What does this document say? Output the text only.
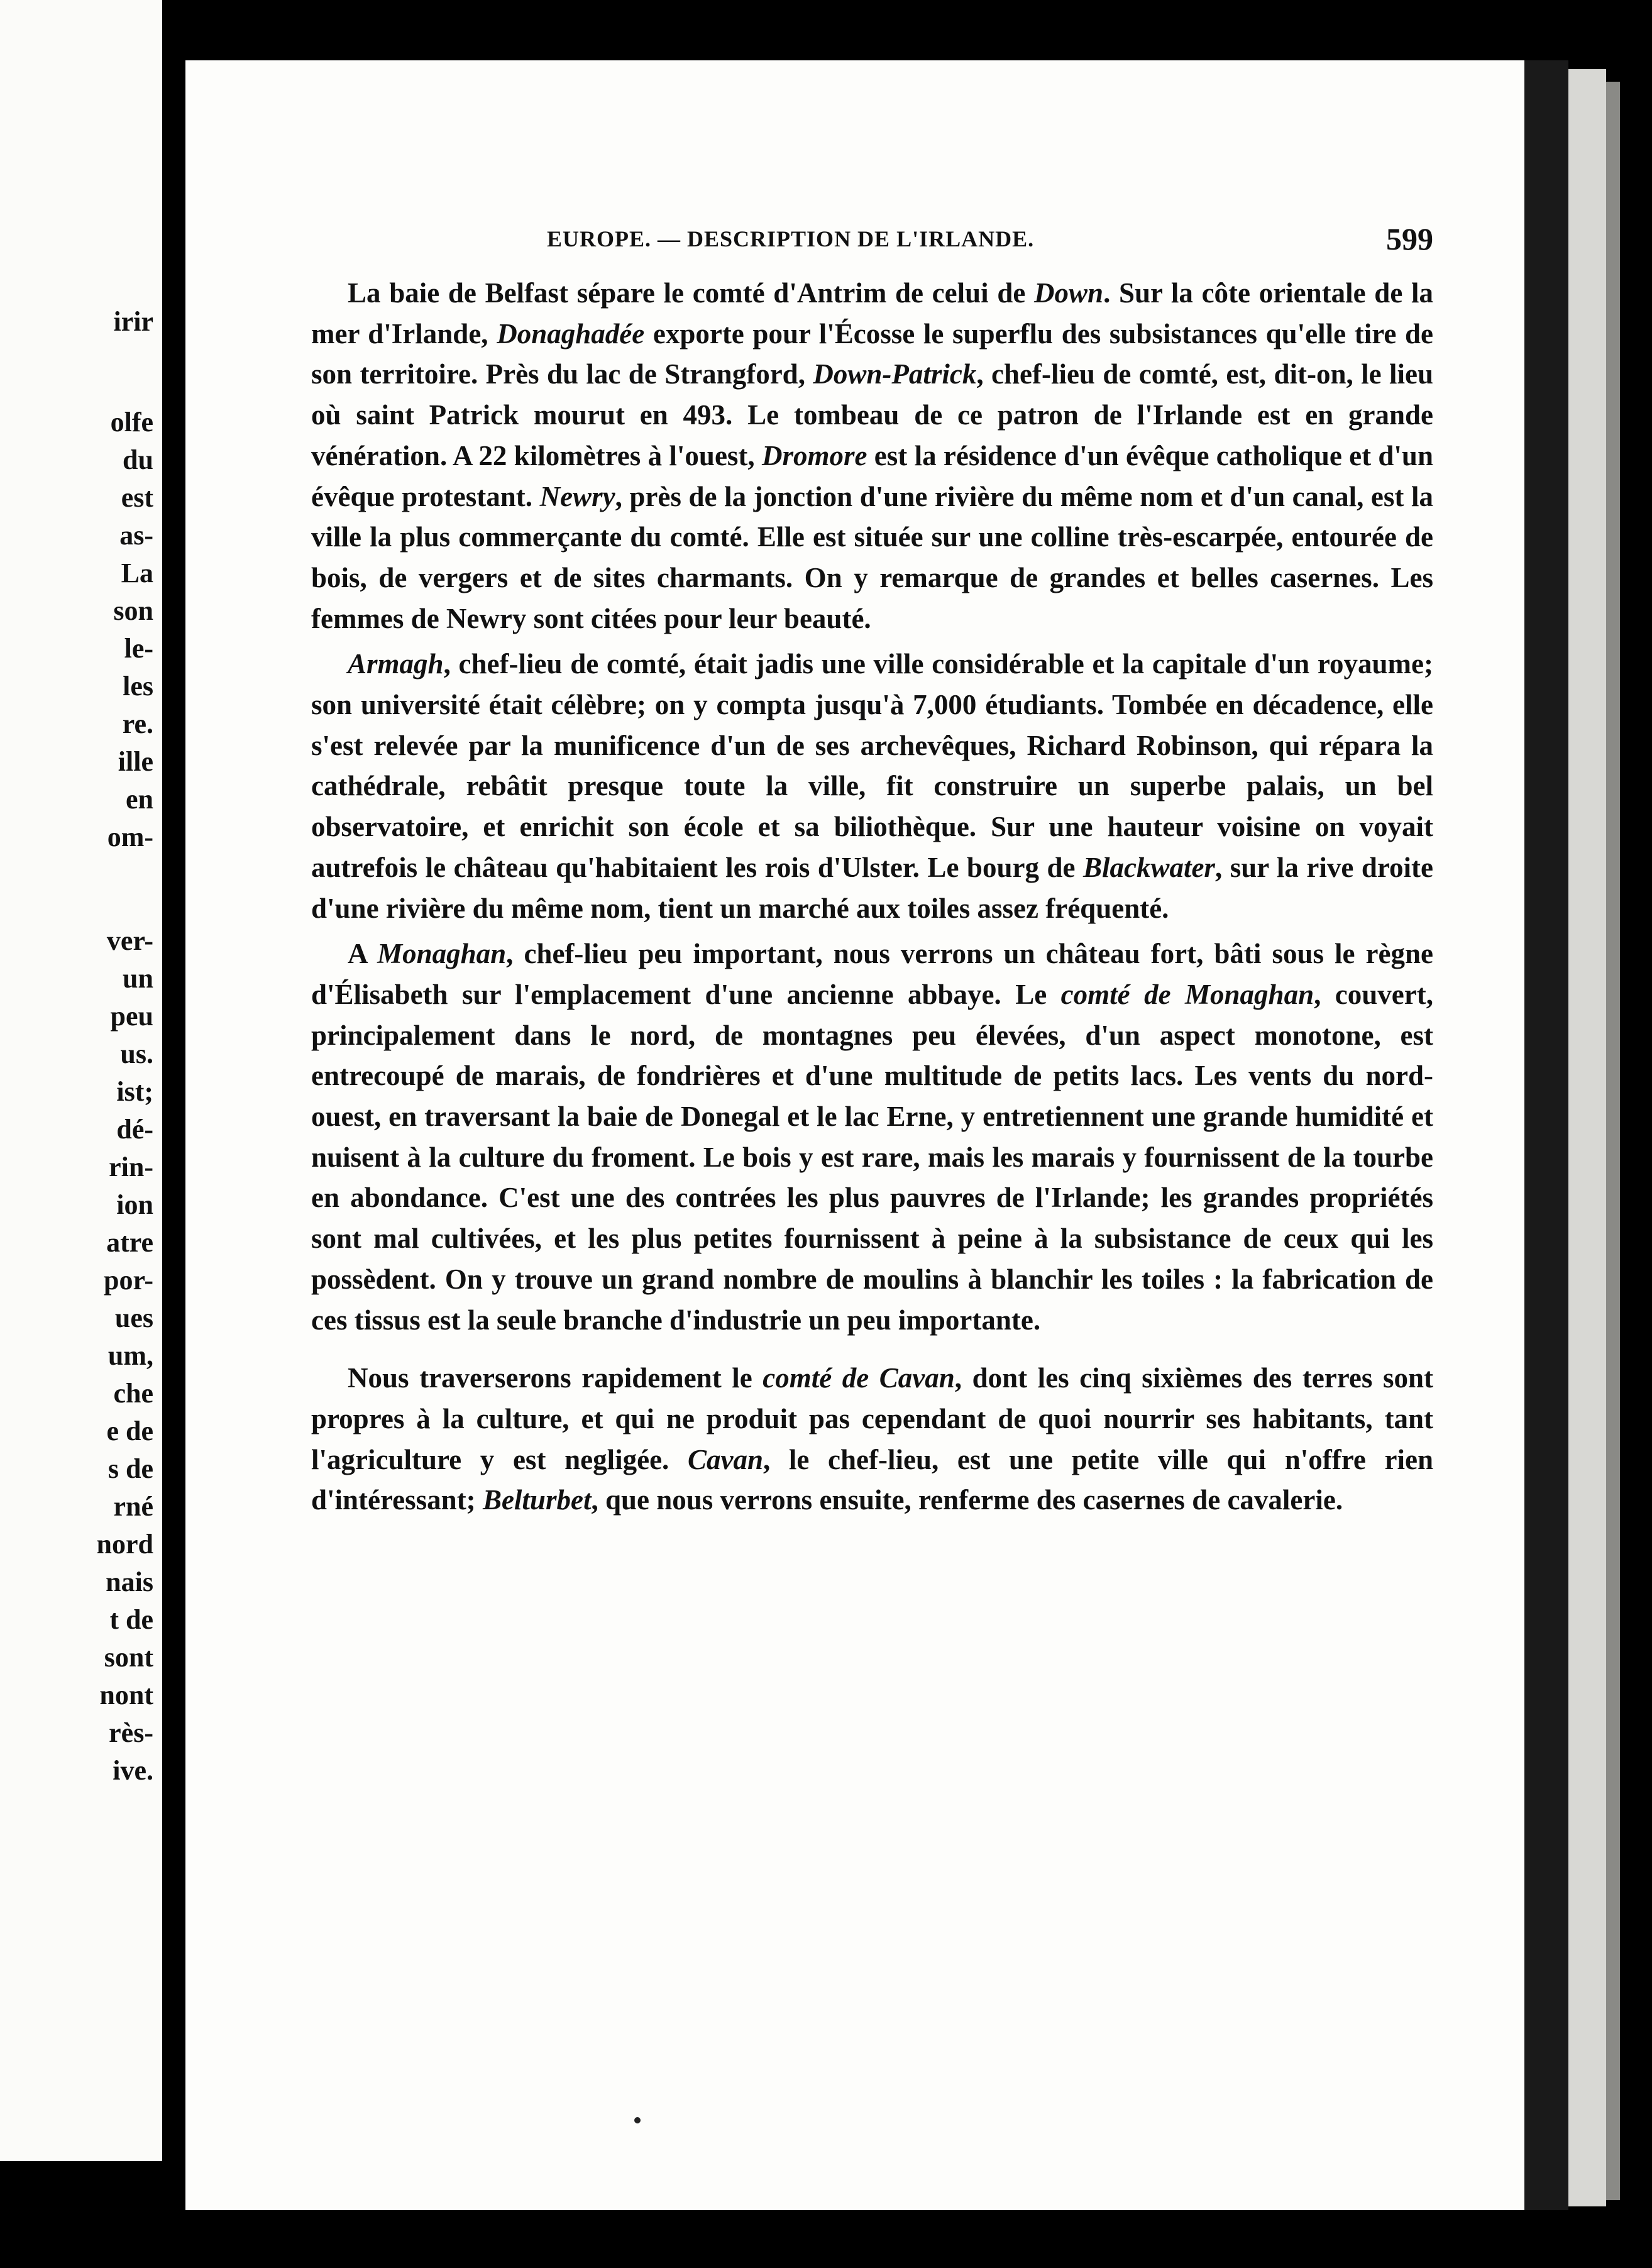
irir
olfe
du
est
as-
La
son
le-
les
re.
ille
en
om-
ver-
un
peu
us.
ist;
dé-
rin-
ion
atre
por-
ues
um,
che
e de
s de
rné
nord
nais
t de
sont
nont
rès-
ive.
EUROPE. — DESCRIPTION DE L'IRLANDE.	599

La baie de Belfast sépare le comté d'Antrim de celui de Down. Sur la côte orientale de la mer d'Irlande, Donaghadée exporte pour l'Écosse le superflu des subsistances qu'elle tire de son territoire. Près du lac de Strangford, Down-Patrick, chef-lieu de comté, est, dit-on, le lieu où saint Patrick mourut en 493. Le tombeau de ce patron de l'Irlande est en grande vénération. A 22 kilomètres à l'ouest, Dromore est la résidence d'un évêque catholique et d'un évêque protestant. Newry, près de la jonction d'une rivière du même nom et d'un canal, est la ville la plus commerçante du comté. Elle est située sur une colline très-escarpée, entourée de bois, de vergers et de sites charmants. On y remarque de grandes et belles casernes. Les femmes de Newry sont citées pour leur beauté.

Armagh, chef-lieu de comté, était jadis une ville considérable et la capitale d'un royaume; son université était célèbre; on y compta jusqu'à 7,000 étudiants. Tombée en décadence, elle s'est relevée par la munificence d'un de ses archevêques, Richard Robinson, qui répara la cathédrale, rebâtit presque toute la ville, fit construire un superbe palais, un bel observatoire, et enrichit son école et sa biliothèque. Sur une hauteur voisine on voyait autrefois le château qu'habitaient les rois d'Ulster. Le bourg de Blackwater, sur la rive droite d'une rivière du même nom, tient un marché aux toiles assez fréquenté.

A Monaghan, chef-lieu peu important, nous verrons un château fort, bâti sous le règne d'Élisabeth sur l'emplacement d'une ancienne abbaye. Le comté de Monaghan, couvert, principalement dans le nord, de montagnes peu élevées, d'un aspect monotone, est entrecoupé de marais, de fondrières et d'une multitude de petits lacs. Les vents du nord-ouest, en traversant la baie de Donegal et le lac Erne, y entretiennent une grande humidité et nuisent à la culture du froment. Le bois y est rare, mais les marais y fournissent de la tourbe en abondance. C'est une des contrées les plus pauvres de l'Irlande; les grandes propriétés sont mal cultivées, et les plus petites fournissent à peine à la subsistance de ceux qui les possèdent. On y trouve un grand nombre de moulins à blanchir les toiles : la fabrication de ces tissus est la seule branche d'industrie un peu importante.

Nous traverserons rapidement le comté de Cavan, dont les cinq sixièmes des terres sont propres à la culture, et qui ne produit pas cependant de quoi nourrir ses habitants, tant l'agriculture y est negligée. Cavan, le chef-lieu, est une petite ville qui n'offre rien d'intéressant; Belturbet, que nous verrons ensuite, renferme des casernes de cavalerie.
